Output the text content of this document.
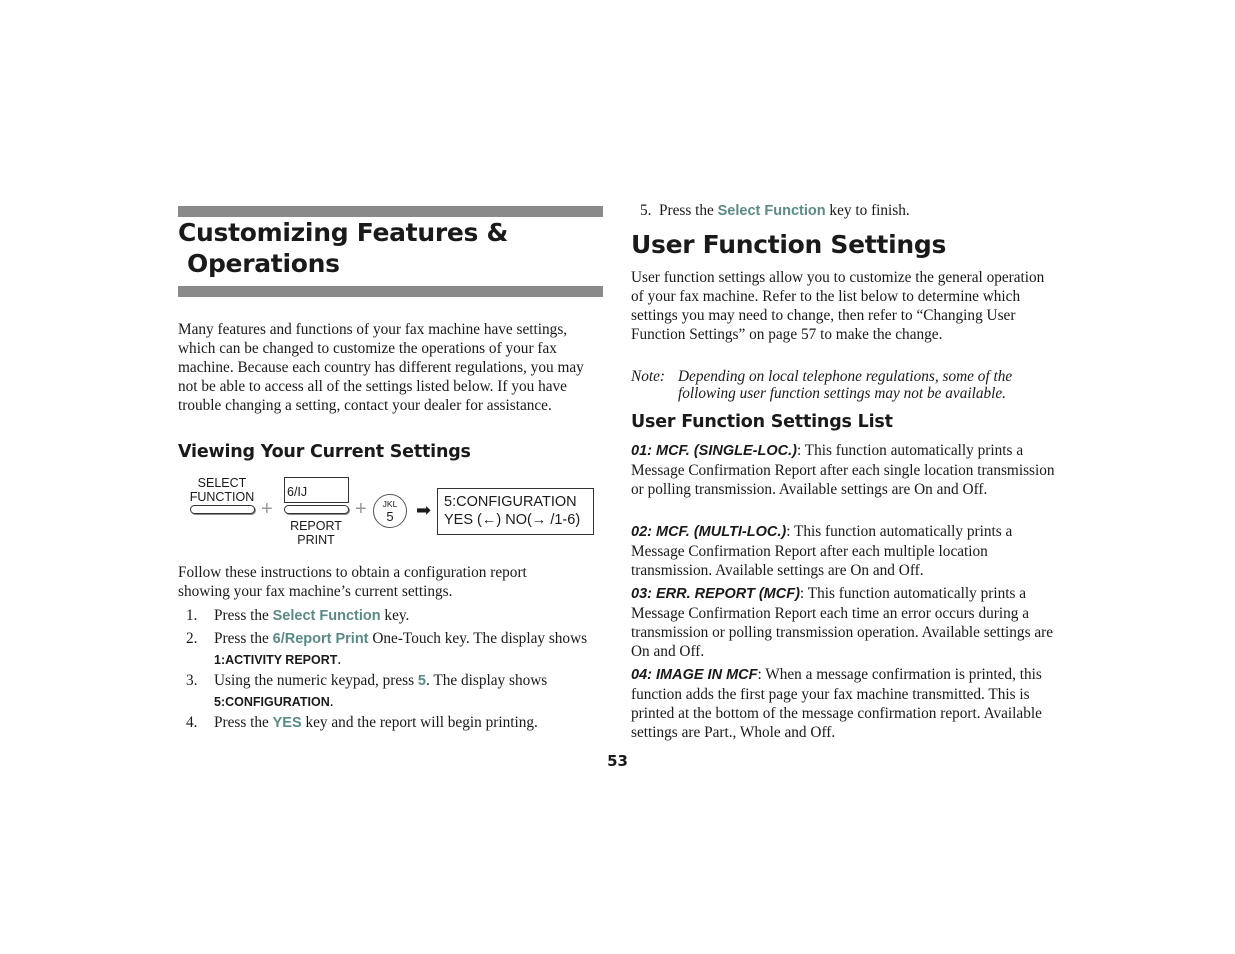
Customizing Features &
Operations
Many features and functions of your fax machine have settings, which can be changed to customize the operations of your fax machine. Because each country has different regulations, you may not be able to access all of the settings listed below. If you have trouble changing a setting, contact your dealer for assistance.
Viewing Your Current Settings
SELECT
FUNCTION
+
6/IJ
REPORT
PRINT
+	JKL
5	➡ 5:CONFIGURATION
YES (←) NO(→ /1-6)
Follow these instructions to obtain a configuration report showing your fax machine’s current settings.
1. Press the Select Function key.
2. Press the 6/Report Print One-Touch key. The display shows
1:ACTIVITY REPORT.
3. Using the numeric keypad, press 5. The display shows
5:CONFIGURATION.
4. Press the YES key and the report will begin printing.
5. Press the Select Function key to finish.
User Function Settings
User function settings allow you to customize the general operation of your fax machine. Refer to the list below to determine which settings you may need to change, then refer to “Changing User Function Settings” on page 57 to make the change.
Note: Depending on local telephone regulations, some of the
following user function settings may not be available.
User Function Settings List
01: MCF. (SINGLE-LOC.): This function automatically prints a Message Confirmation Report after each single location transmission or polling transmission. Available settings are On and Off.
02: MCF. (MULTI-LOC.): This function automatically prints a Message Confirmation Report after each multiple location transmission. Available settings are On and Off.
03: ERR. REPORT (MCF): This function automatically prints a Message Confirmation Report each time an error occurs during a transmission or polling transmission operation. Available settings are On and Off.
04: IMAGE IN MCF: When a message confirmation is printed, this function adds the first page your fax machine transmitted. This is printed at the bottom of the message confirmation report. Available settings are Part., Whole and Off.
53
